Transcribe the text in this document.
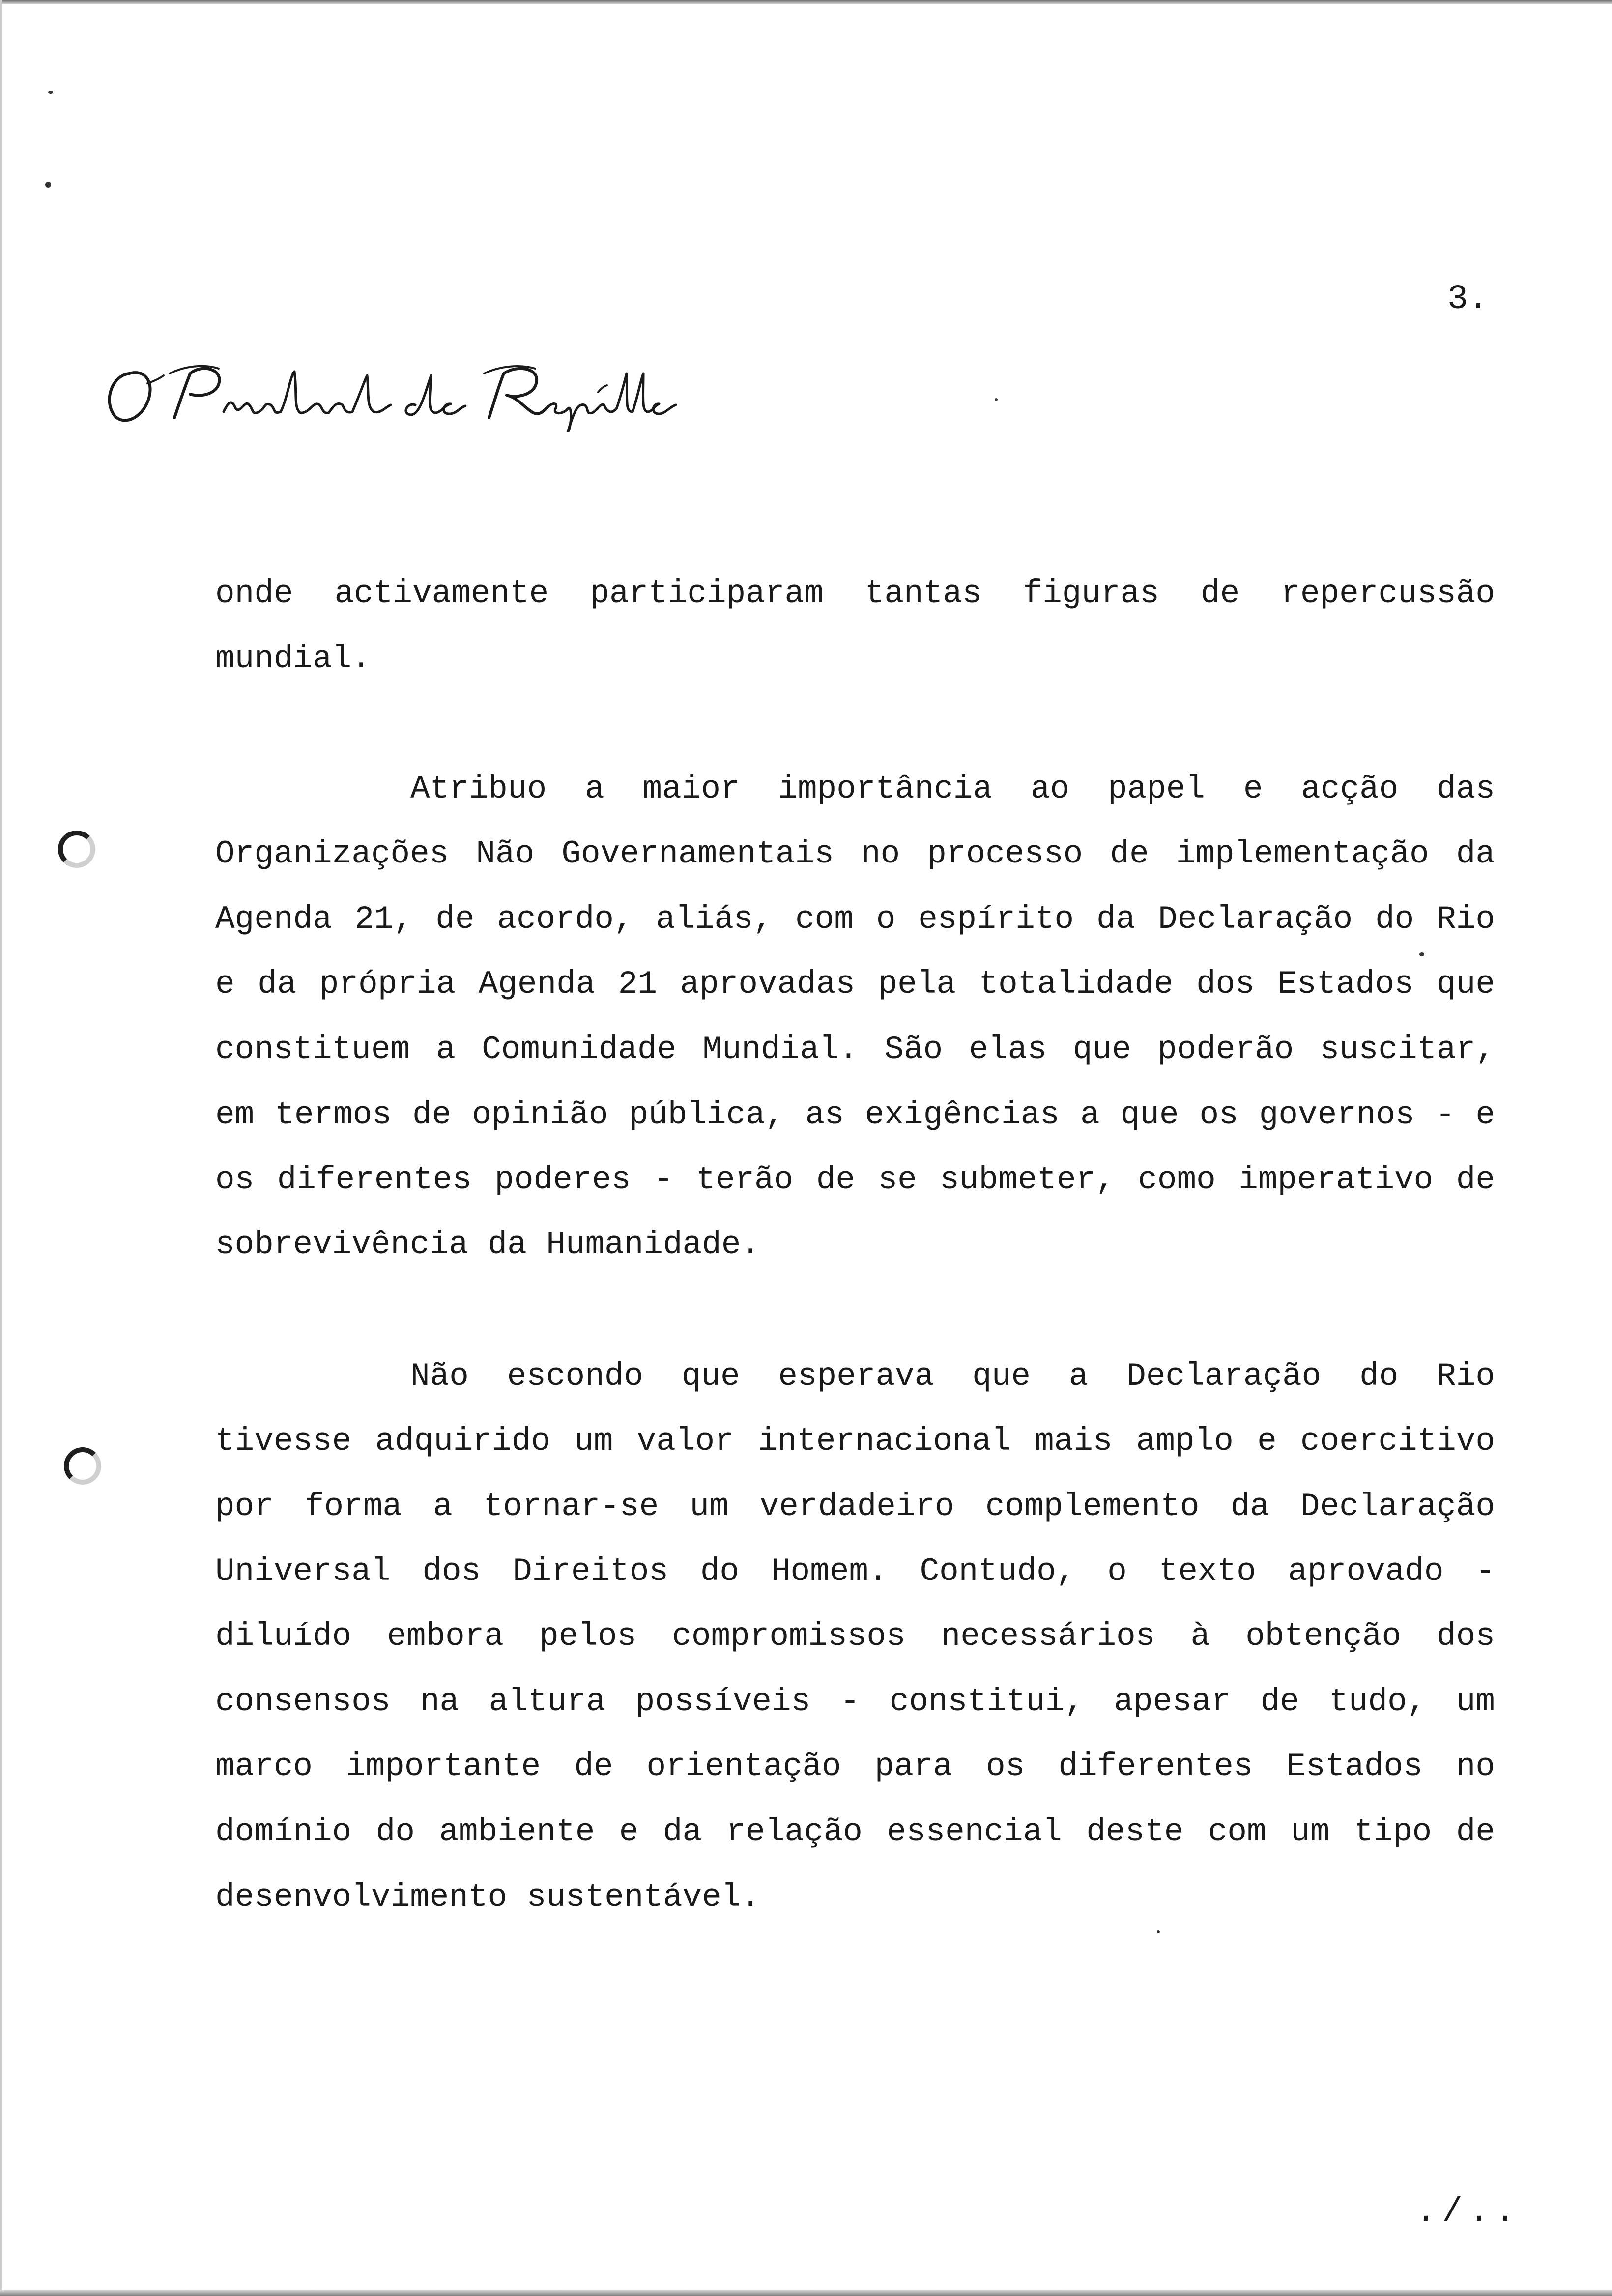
3.
onde activamente participaram tantas figuras de repercussão
mundial.
Atribuo a maior importância ao papel e acção das
Organizações Não Governamentais no processo de implementação da
Agenda 21, de acordo, aliás, com o espírito da Declaração do Rio
e da própria Agenda 21 aprovadas pela totalidade dos Estados que
constituem a Comunidade Mundial. São elas que poderão suscitar,
em termos de opinião pública, as exigências a que os governos - e
os diferentes poderes - terão de se submeter, como imperativo de
sobrevivência da Humanidade.
Não escondo que esperava que a Declaração do Rio
tivesse adquirido um valor internacional mais amplo e coercitivo
por forma a tornar-se um verdadeiro complemento da Declaração
Universal dos Direitos do Homem. Contudo, o texto aprovado -
diluído embora pelos compromissos necessários à obtenção dos
consensos na altura possíveis - constitui, apesar de tudo, um
marco importante de orientação para os diferentes Estados no
domínio do ambiente e da relação essencial deste com um tipo de
desenvolvimento sustentável.
./..
